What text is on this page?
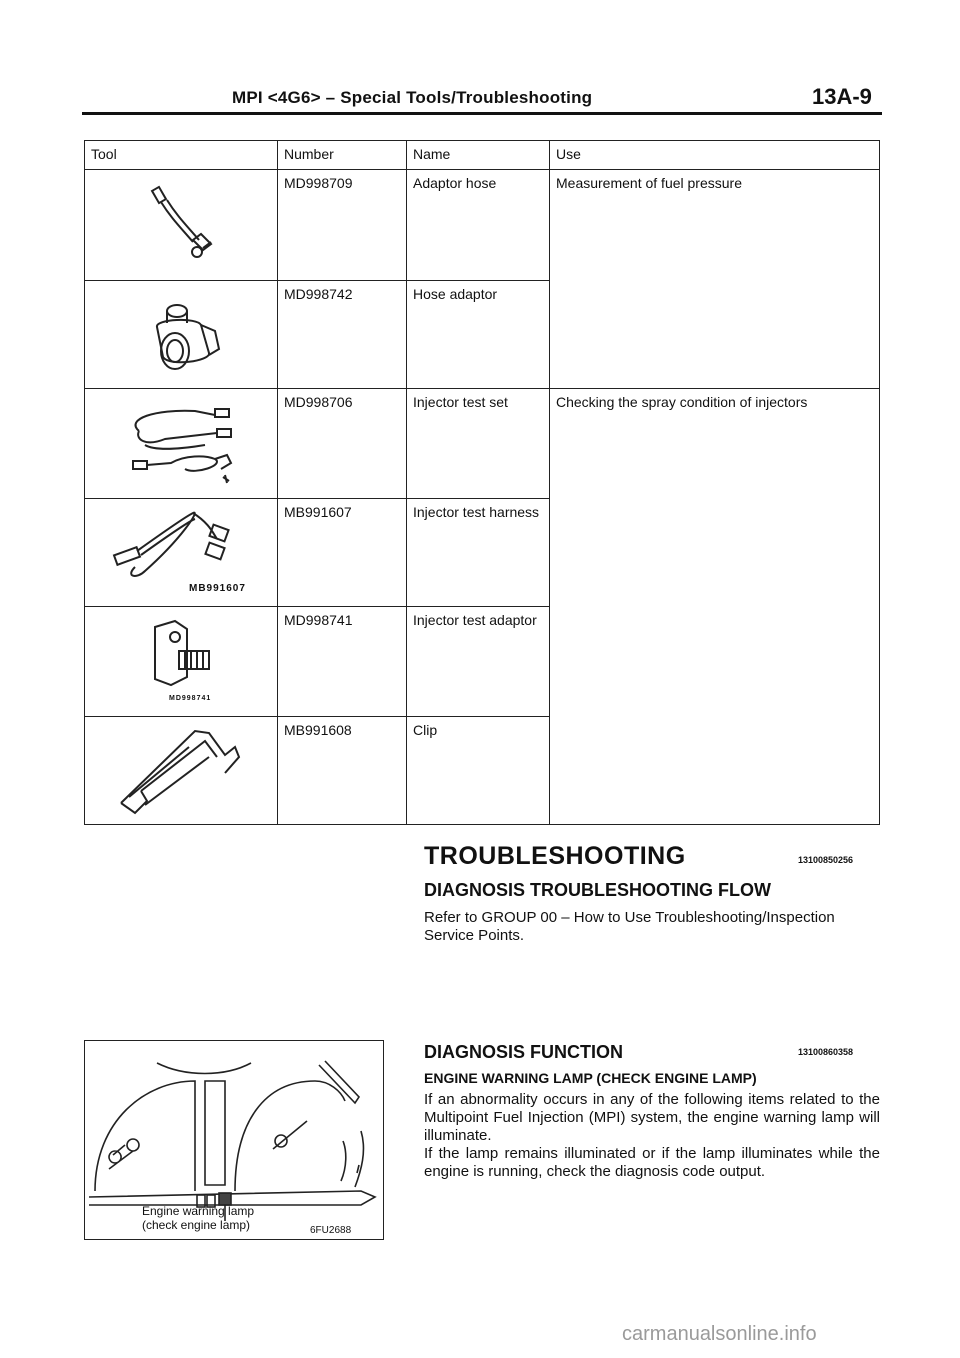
MPI <4G6> – Special Tools/Troubleshooting	13A-9
Tool	Number	Name	Use

	MD998709	Adaptor hose	Measurement of fuel pressure

	MD998742	Hose adaptor	

	MD998706	Injector test set	Checking the spray condition of injectors

MB991607	MB991607	Injector test harness	

MD998741	MD998741	Injector test adaptor	

	MB991608	Clip	
TROUBLESHOOTING	13100850256
DIAGNOSIS TROUBLESHOOTING FLOW
Refer to GROUP 00 – How to Use Troubleshooting/Inspection Service Points.
Engine warning lamp
(check engine lamp)	6FU2688
DIAGNOSIS FUNCTION	13100860358
ENGINE WARNING LAMP (CHECK ENGINE LAMP)

If an abnormality occurs in any of the following items related to the Multipoint Fuel Injection (MPI) system, the engine warning lamp will illuminate.

If the lamp remains illuminated or if the lamp illuminates while the engine is running, check the diagnosis code output.

carmanualsonline.info
